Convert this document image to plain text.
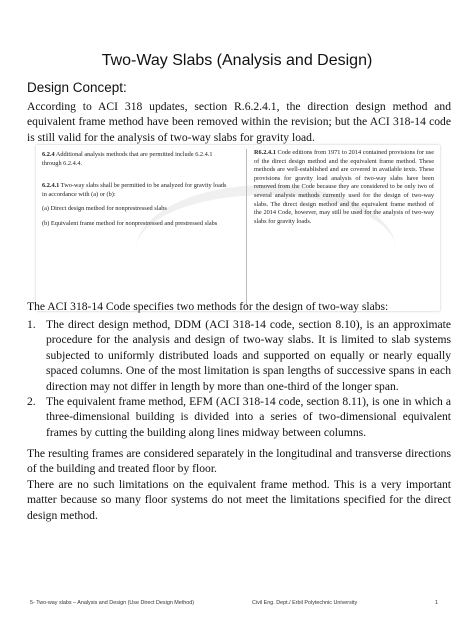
Two-Way Slabs (Analysis and Design)
Design Concept:
According to ACI 318 updates, section R.6.2.4.1, the direction design method and equivalent frame method have been removed within the revision; but the ACI 318-14 code is still valid for the analysis of two-way slabs for gravity load.
6.2.4 Additional analysis methods that are permitted include 6.2.4.1 through 6.2.4.4.

6.2.4.1 Two-way slabs shall be permitted to be analyzed for gravity loads in accordance with (a) or (b):

(a) Direct design method for nonprestressed slabs

(b) Equivalent frame method for nonprestressed and prestressed slabs

R6.2.4.1 Code editions from 1971 to 2014 contained provisions for use of the direct design method and the equivalent frame method. These methods are well-established and are covered in available texts. These provisions for gravity load analysis of two-way slabs have been removed from the Code because they are considered to be only two of several analysis methods currently used for the design of two-way slabs. The direct design method and the equivalent frame method of the 2014 Code, however, may still be used for the analysis of two-way slabs for gravity loads.
The ACI 318-14 Code specifies two methods for the design of two-way slabs:
1. The direct design method, DDM (ACI 318-14 code, section 8.10), is an approximate procedure for the analysis and design of two-way slabs. It is limited to slab systems subjected to uniformly distributed loads and supported on equally or nearly equally spaced columns. One of the most limitation is span lengths of successive spans in each direction may not differ in length by more than one-third of the longer span.
2. The equivalent frame method, EFM (ACI 318-14 code, section 8.11), is one in which a three-dimensional building is divided into a series of two-dimensional equivalent frames by cutting the building along lines midway between columns.
The resulting frames are considered separately in the longitudinal and transverse directions of the building and treated floor by floor.
There are no such limitations on the equivalent frame method. This is a very important matter because so many floor systems do not meet the limitations specified for the direct design method.
5- Two-way slabs – Analysis and Design (Use Direct Design Method)	Civil Eng. Dept./ Erbil Polytechnic University	1
